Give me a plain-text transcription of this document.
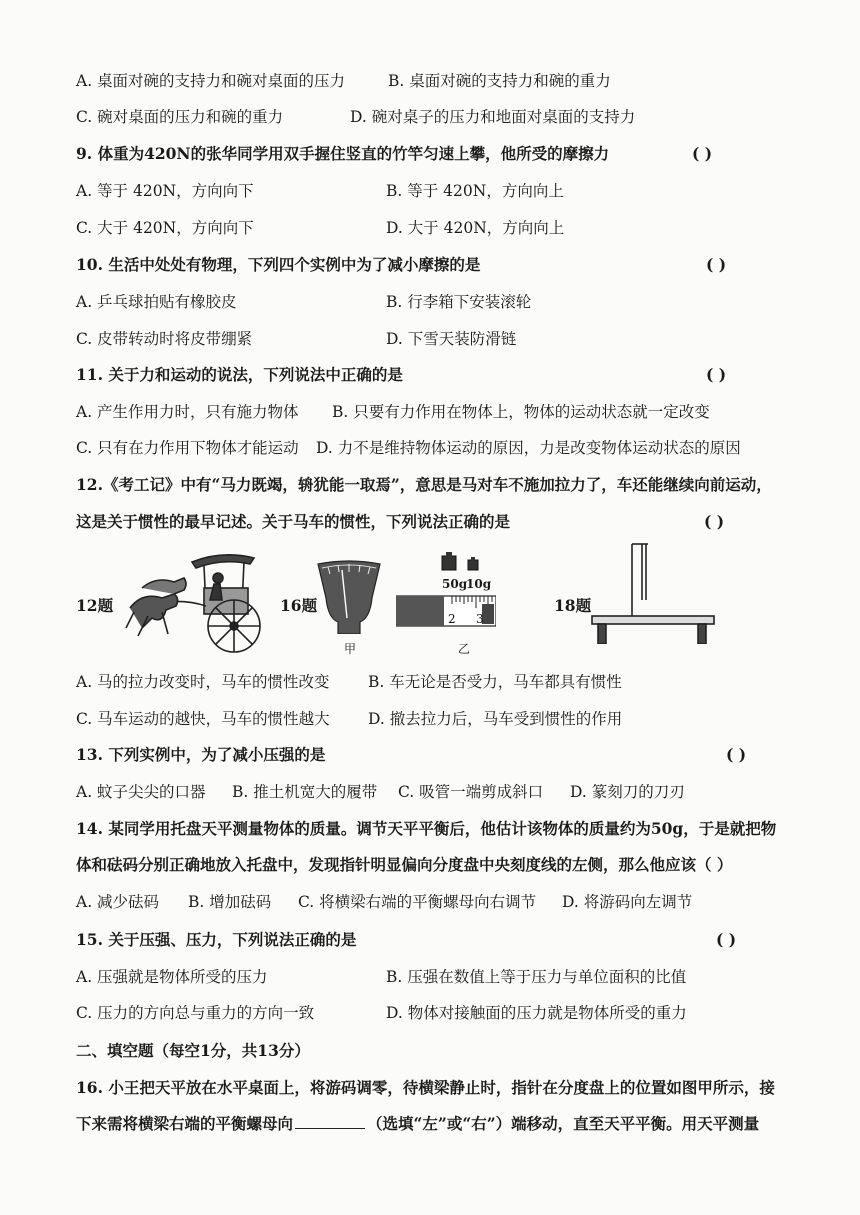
A. 桌面对碗的支持力和碗对桌面的压力	B. 桌面对碗的支持力和碗的重力
C. 碗对桌面的压力和碗的重力	D. 碗对桌子的压力和地面对桌面的支持力
9. 体重为420N的张华同学用双手握住竖直的竹竿匀速上攀，他所受的摩擦力	( )
A. 等于 420N，方向向下	B. 等于 420N，方向向上
C. 大于 420N，方向向下	D. 大于 420N，方向向上
10. 生活中处处有物理，下列四个实例中为了减小摩擦的是	( )
A. 乒乓球拍贴有橡胶皮	B. 行李箱下安装滚轮
C. 皮带转动时将皮带绷紧	D. 下雪天装防滑链
11. 关于力和运动的说法，下列说法中正确的是	( )
A. 产生作用力时，只有施力物体 B. 只要有力作用在物体上，物体的运动状态就一定改变
C. 只有在力作用下物体才能运动 D. 力不是维持物体运动的原因，力是改变物体运动状态的原因
12.《考工记》中有“马力既竭，辀犹能一取焉”，意思是马对车不施加拉力了，车还能继续向前运动，
这是关于惯性的最早记述。关于马车的惯性，下列说法正确的是	( )
12题	16题
甲
50g
10g
2 3
乙
18题
A. 马的拉力改变时，马车的惯性改变 B. 车无论是否受力，马车都具有惯性
C. 马车运动的越快，马车的惯性越大 D. 撤去拉力后，马车受到惯性的作用
13. 下列实例中，为了减小压强的是	( )
A. 蚊子尖尖的口器 B. 推土机宽大的履带 C. 吸管一端剪成斜口 D. 篆刻刀的刀刃
14. 某同学用托盘天平测量物体的质量。调节天平平衡后，他估计该物体的质量约为50g，于是就把物
体和砝码分别正确地放入托盘中，发现指针明显偏向分度盘中央刻度线的左侧，那么他应该（ ）
A. 减少砝码 B. 增加砝码 C. 将横梁右端的平衡螺母向右调节 D. 将游码向左调节
15. 关于压强、压力，下列说法正确的是	( )
A. 压强就是物体所受的压力	B. 压强在数值上等于压力与单位面积的比值
C. 压力的方向总与重力的方向一致	D. 物体对接触面的压力就是物体所受的重力
二、填空题（每空1分，共13分）
16. 小王把天平放在水平桌面上，将游码调零，待横梁静止时，指针在分度盘上的位置如图甲所示，接
下来需将横梁右端的平衡螺母向	（选填“左”或“右”）端移动，直至天平平衡。用天平测量
